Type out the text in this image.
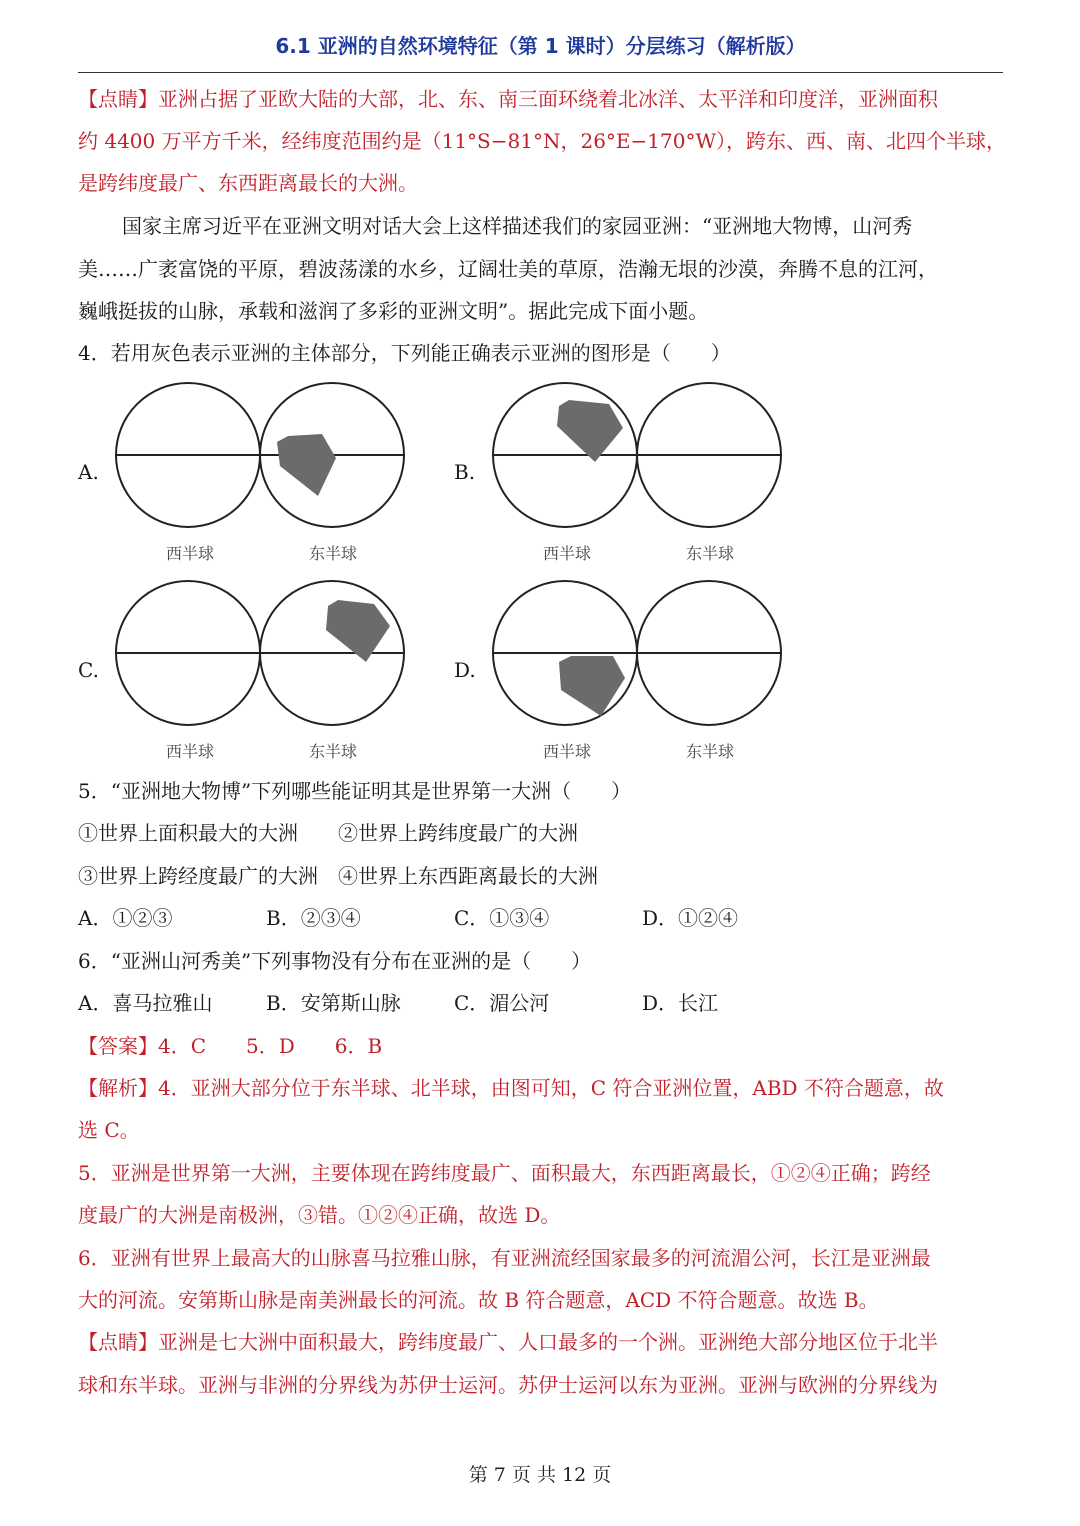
6.1 亚洲的自然环境特征（第 1 课时）分层练习（解析版）
【点睛】亚洲占据了亚欧大陆的大部，北、东、南三面环绕着北冰洋、太平洋和印度洋，亚洲面积
约 4400 万平方千米，经纬度范围约是（11°S−81°N，26°E−170°W），跨东、西、南、北四个半球，
是跨纬度最广、东西距离最长的大洲。
国家主席习近平在亚洲文明对话大会上这样描述我们的家园亚洲：“亚洲地大物博，山河秀
美……广袤富饶的平原，碧波荡漾的水乡，辽阔壮美的草原，浩瀚无垠的沙漠，奔腾不息的江河，
巍峨挺拔的山脉，承载和滋润了多彩的亚洲文明”。据此完成下面小题。
4．若用灰色表示亚洲的主体部分，下列能正确表示亚洲的图形是（　　）
A.
西半球	东半球
B.
西半球	东半球
C.
西半球	东半球
D.
西半球	东半球
5．“亚洲地大物博”下列哪些能证明其是世界第一大洲（　　）
①世界上面积最大的大洲　　②世界上跨纬度最广的大洲
③世界上跨经度最广的大洲　④世界上东西距离最长的大洲
A．①②③	B．②③④	C．①③④	D．①②④
6．“亚洲山河秀美”下列事物没有分布在亚洲的是（　　）
A．喜马拉雅山	B．安第斯山脉	C．湄公河	D．长江
【答案】4．C　　5．D　　6．B
【解析】4．亚洲大部分位于东半球、北半球，由图可知，C 符合亚洲位置，ABD 不符合题意，故
选 C。
5．亚洲是世界第一大洲，主要体现在跨纬度最广、面积最大，东西距离最长，①②④正确；跨经
度最广的大洲是南极洲，③错。①②④正确，故选 D。
6．亚洲有世界上最高大的山脉喜马拉雅山脉，有亚洲流经国家最多的河流湄公河，长江是亚洲最
大的河流。安第斯山脉是南美洲最长的河流。故 B 符合题意，ACD 不符合题意。故选 B。
【点睛】亚洲是七大洲中面积最大，跨纬度最广、人口最多的一个洲。亚洲绝大部分地区位于北半
球和东半球。亚洲与非洲的分界线为苏伊士运河。苏伊士运河以东为亚洲。亚洲与欧洲的分界线为
第 7 页 共 12 页
